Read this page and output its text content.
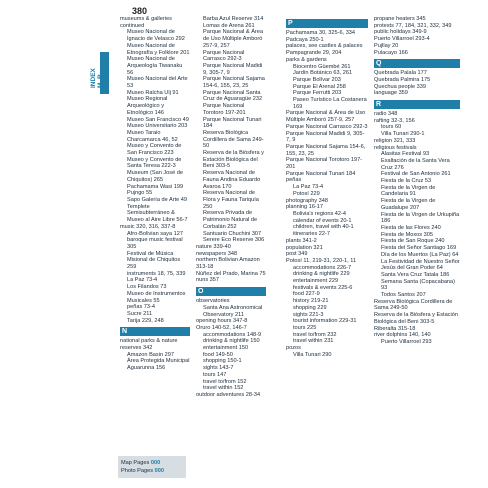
380
INDEX M–R

museums & galleries continued

Museo Nacional de Ignacio de Velasco 292

Museo Nacional de Etnografía y Folklore 201

Museo Nacional de Arqueología Tiwanaku 56

Museo Nacional del Arte 53

Museo Ralcha Ulj 91

Museo Regional Arqueológico y Etnológico 146

Museo San Francisco 49

Museo Universitario 203

Museo Taraio Charcamarca 46, 52

Museo y Convento de San Francisco 223

Museo y Convento de Santa Teresa 222-3

Museum (San José de Chiquitos) 265

Pachamama Wasi 199

Pujngo 55

Sapo Galería de Arte 49

Templete Semisubterráneo & Museo al Aire Libre 56-7

music 320, 316, 337-8

Afro-Bolivian saya 127

baroque music festival 305

Festival de Música Misional de Chiquitos 259

instruments 18, 75, 339

La Paz 73-4

Los Filandos 73

Museo de Instrumentos Musicales 55

peñas 73-4

Sucre 211

Tarija 229, 248

N

national parks & nature reserves 342

Amazon Basin 297

Área Protegida Municipal Aguarunna 156

Barba Azul Reserve 314

Lomas de Arena 261

Parque Nacional & Área de Uso Múltiple Amboró 257-9, 257

Parque Nacional Carrasco 292-3

Parque Nacional Madidi 9, 305-7, 9

Parque Nacional Sajama 154-6, 155, 23, 25

Parque Nacional Santa Cruz de Aguaragüe 232

Parque Nacional Torotoro 197-201

Parque Nacional Tunari 184

Reserva Biológica Cordillera de Sama 249-50

Reserva de la Biósfera y Estación Biológica del Beni 303-5

Reserva Nacional de Fauna Andina Eduardo Avaroa 170

Reserva Nacional de Flora y Fauna Tariquía 250

Reserva Privada de Patrimonio Natural de Corbalán 252

Santuario Chuchini 307

Serere Eco Reserve 306

nature 339-40

newspapers 348

northern Bolivian Amazon 313-18

Núñez del Prado, Marina 75

nuns 357

O

observatories

Santa Ana Astronomical Observatory 211

opening hours 347-8

Oruro 140-52, 146-7

accommodations 148-9

drinking & nightlife 150

entertainment 150

food 149-50

shopping 150-1

sights 143-7

tours 147

travel to/from 152

travel within 152

outdoor adventures 28-34

P

Pachamama 30, 325-6, 334

Padcaya 250-1

palaces, see castles & palaces

Pampagrande 29, 204

parks & gardens

Biocentro Güembé 261

Jardín Botánico 63, 261

Parque Bolívar 203

Parque El Arenal 258

Parque Ferrutti 203

Paseo Turístico La Costanera 169

Parque Nacional & Área de Uso Múltiple Amboró 257-9, 257

Parque Nacional Carrasco 292-3

Parque Nacional Madidi 9, 305-7, 9

Parque Nacional Sajama 154-6, 155, 23, 25

Parque Nacional Torotoro 197-201

Parque Nacional Tunari 184

peñas

La Paz 73-4

Potosí 229

photography 348

planning 16-17

Bolivia's regions 42-4

calendar of events 20-1

children, travel with 40-1

itineraries 22-7

plants 341-2

population 321

post 349

Potosí 11, 219-31, 220-1, 11

accommodations 226-7

drinking & nightlife 229

entertainment 229

festivals & events 225-6

food 227-9

history 219-21

shopping 229

sights 221-3

tourist information 229-31

tours 225

travel to/from 232

travel within 231

pozos

Villa Tunari 290

propane heaters 345

protests 77, 184, 321, 332, 349

public holidays 349-9

Puerto Villarroel 293-4

Pujllay 20

Pulacayo 166

Q

Quebrada Palala 177

Quebrada Palmira 175

Quechua people 339

language 359

R

radio 348

rafting 32-3, 156

tours 60

Villa Tunari 290-1

religion 321, 333

religious festivals

Alasitas Festival 93

Exaltación de la Santa Vera Cruz 276

Festival de San Antonio 261

Fiesta de la Cruz 53

Fiesta de la Virgen de Candelaria 91

Fiesta de la Virgen de Guadalupe 207

Fiesta de la Virgen de Urkupiña 186

Fiesta de las Flores 240

Fiesta de Moxos 305

Fiesta de San Roque 240

Fiesta del Señor Santiago 169

Día de los Muertos (La Paz) 64

La Festividad de Nuestro Señor Jesús del Gran Poder 64

Santa Vera Cruz Tatala 186

Semana Santa (Copacabana) 93

Todos Santos 207

Reserva Biológica Cordillera de Sama 249-50

Reserva de la Biósfera y Estación Biológica del Beni 303-5

Riberalta 315-18

river dolphins 140, 140

Puerto Villarroel 293

Map Pages 000
Photo Pages 000
